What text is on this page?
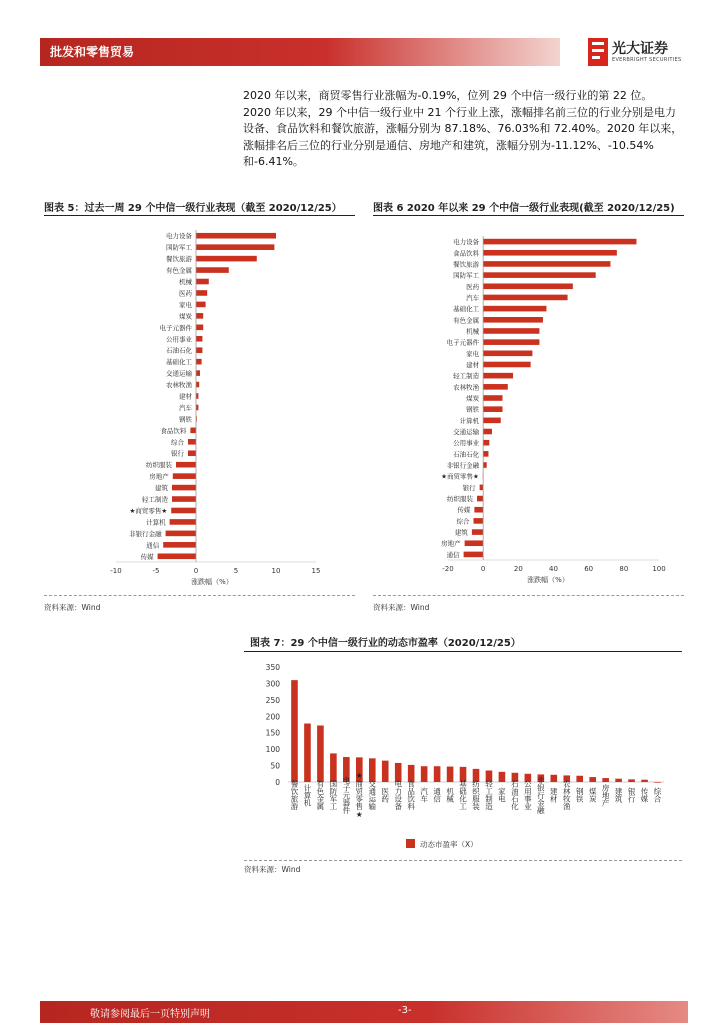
批发和零售贸易	光大证券
EVERBRIGHT SECURITIES

2020 年以来，商贸零售行业涨幅为-0.19%，位列 29 个中信一级行业的第 22 位。

2020 年以来，29 个中信一级行业中 21 个行业上涨，涨幅排名前三位的行业分别是电力设备、食品饮料和餐饮旅游，涨幅分别为 87.18%、76.03%和 72.40%。2020 年以来，涨幅排名后三位的行业分别是通信、房地产和建筑，涨幅分别为-11.12%、-10.54%和-6.41%。

图表 5：过去一周 29 个中信一级行业表现（截至 2020/12/25）
电力设备
国防军工
餐饮旅游
有色金属
机械
医药
家电
煤炭
电子元器件
公用事业
石油石化
基础化工
交通运输
农林牧渔
建材
汽车
钢铁
食品饮料
综合
银行
纺织服装
房地产
建筑
轻工制造
★商贸零售★
计算机
非银行金融
通信
传媒
-10	-5	0	5	10	15
涨跌幅（%）
资料来源：Wind
图表 6 2020 年以来 29 个中信一级行业表现(截至 2020/12/25)
电力设备
食品饮料
餐饮旅游
国防军工
医药
汽车
基础化工
有色金属
机械
电子元器件
家电
建材
轻工制造
农林牧渔
煤炭
钢铁
计算机
交通运输
公用事业
石油石化
非银行金融
★商贸零售★
银行
纺织服装
传媒
综合
建筑
房地产
通信
-20	0	20	40	60	80	100
涨跌幅（%）
资料来源：Wind
图表 7：29 个中信一级行业的动态市盈率（2020/12/25）
0
50
100
150
200
250
300
350
餐饮旅游 计算机 有色金属 国防军工 电子元器件 ★商贸零售★ 交通运输 医药 电力设备 食品饮料 汽车 通信 机械 基础化工 纺织服装 轻工制造 家电 石油石化 公用事业 非银行金融 建材 农林牧渔 钢铁 煤炭 房地产 建筑 银行 传媒 综合
动态市盈率（X）
资料来源：Wind
敬请参阅最后一页特别声明	-3-
